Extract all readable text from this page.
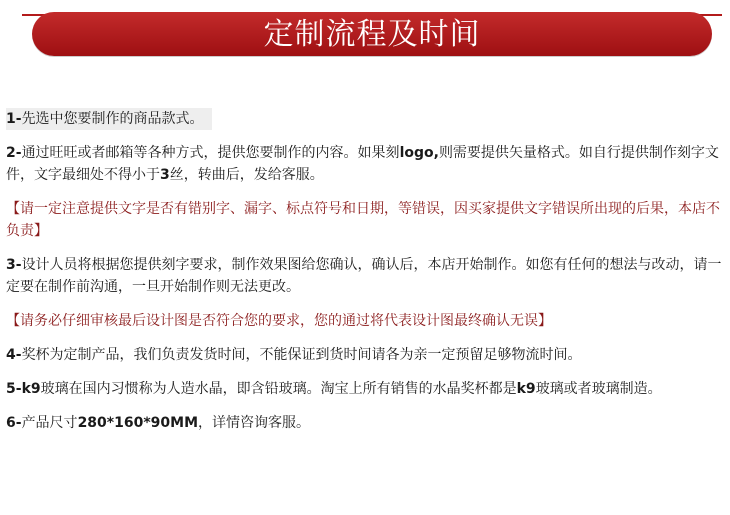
定制流程及时间

1-先选中您要制作的商品款式。

2-通过旺旺或者邮箱等各种方式，提供您要制作的内容。如果刻logo,则需要提供矢量格式。如自行提供制作刻字文件，文字最细处不得小于3丝，转曲后，发给客服。

【请一定注意提供文字是否有错别字、漏字、标点符号和日期，等错误，因买家提供文字错误所出现的后果，本店不负责】

3-设计人员将根据您提供刻字要求，制作效果图给您确认，确认后，本店开始制作。如您有任何的想法与改动，请一定要在制作前沟通，一旦开始制作则无法更改。

【请务必仔细审核最后设计图是否符合您的要求，您的通过将代表设计图最终确认无误】

4-奖杯为定制产品，我们负责发货时间，不能保证到货时间请各为亲一定预留足够物流时间。

5-k9玻璃在国内习惯称为人造水晶，即含铅玻璃。淘宝上所有销售的水晶奖杯都是k9玻璃或者玻璃制造。

6-产品尺寸280*160*90MM，详情咨询客服。
